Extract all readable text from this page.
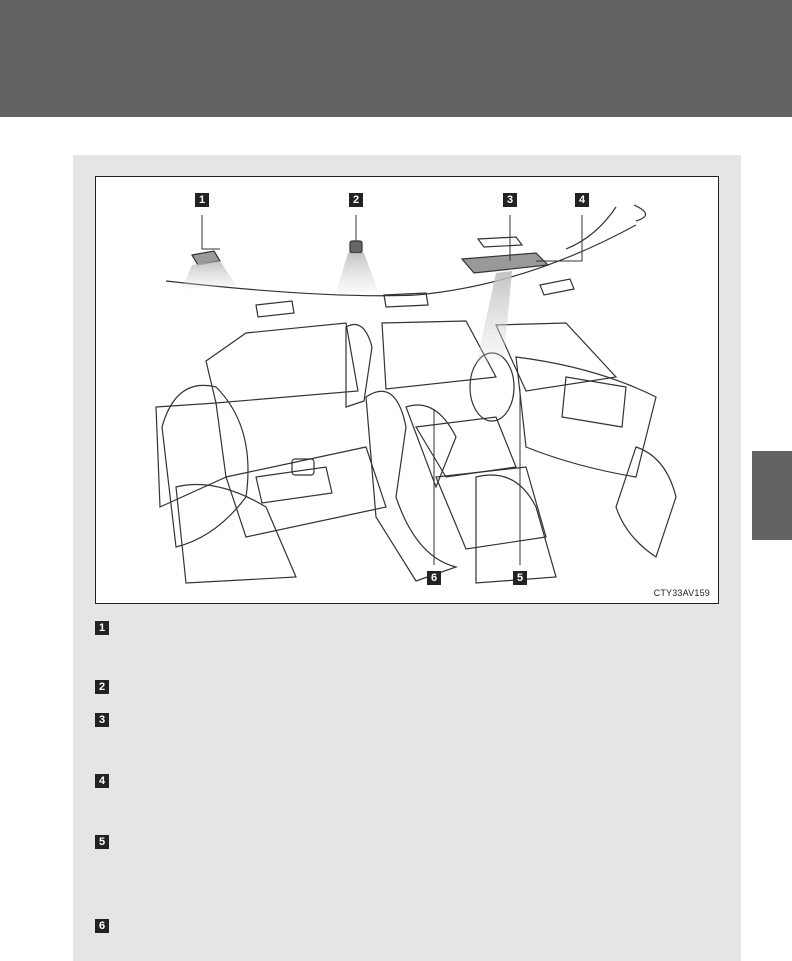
1	2	3	4
6	5
CTY33AV159
1
2
3
4
5
6
